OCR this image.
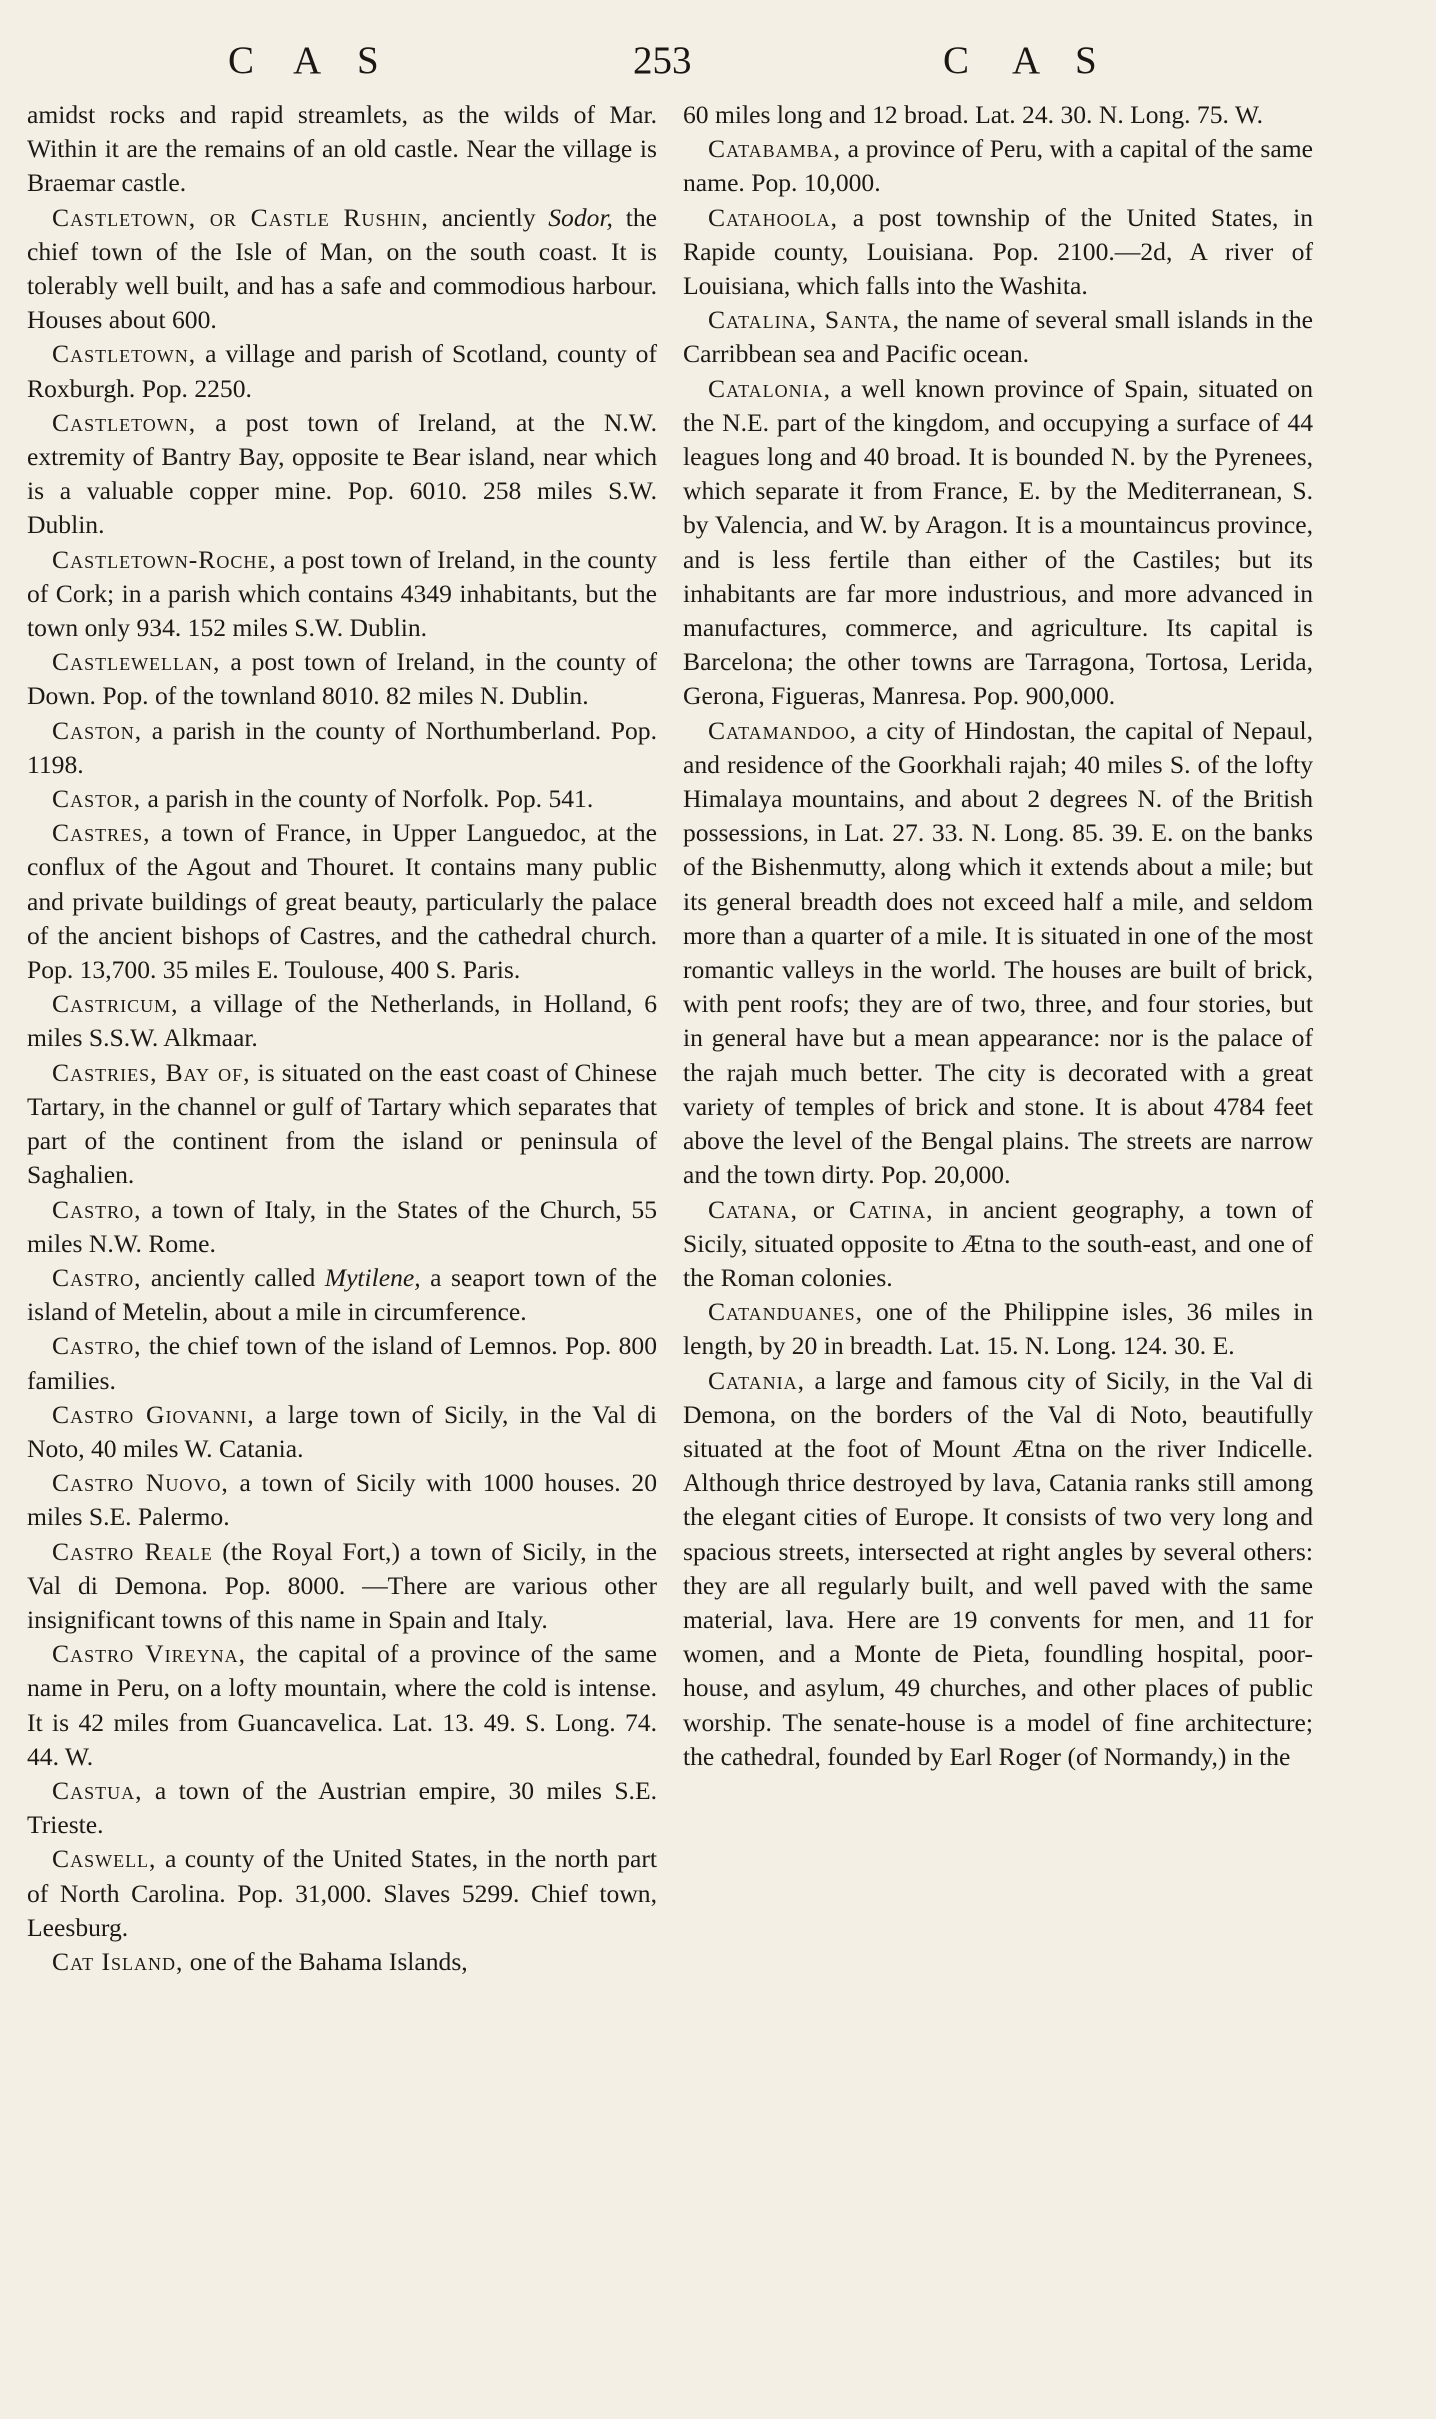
C A S	253	C A S

amidst rocks and rapid streamlets, as the wilds of Mar. Within it are the remains of an old castle. Near the village is Braemar castle.

Castletown, or Castle Rushin, anciently Sodor, the chief town of the Isle of Man, on the south coast. It is tolerably well built, and has a safe and commodious harbour. Houses about 600.

Castletown, a village and parish of Scotland, county of Roxburgh. Pop. 2250.

Castletown, a post town of Ireland, at the N.W. extremity of Bantry Bay, opposite te Bear island, near which is a valuable copper mine. Pop. 6010. 258 miles S.W. Dublin.

Castletown-Roche, a post town of Ireland, in the county of Cork; in a parish which contains 4349 inhabitants, but the town only 934. 152 miles S.W. Dublin.

Castlewellan, a post town of Ireland, in the county of Down. Pop. of the townland 8010. 82 miles N. Dublin.

Caston, a parish in the county of Northumberland. Pop. 1198.

Castor, a parish in the county of Norfolk. Pop. 541.

Castres, a town of France, in Upper Languedoc, at the conflux of the Agout and Thouret. It contains many public and private buildings of great beauty, particularly the palace of the ancient bishops of Castres, and the cathedral church. Pop. 13,700. 35 miles E. Toulouse, 400 S. Paris.

Castricum, a village of the Netherlands, in Holland, 6 miles S.S.W. Alkmaar.

Castries, Bay of, is situated on the east coast of Chinese Tartary, in the channel or gulf of Tartary which separates that part of the continent from the island or peninsula of Saghalien.

Castro, a town of Italy, in the States of the Church, 55 miles N.W. Rome.

Castro, anciently called Mytilene, a seaport town of the island of Metelin, about a mile in circumference.

Castro, the chief town of the island of Lemnos. Pop. 800 families.

Castro Giovanni, a large town of Sicily, in the Val di Noto, 40 miles W. Catania.

Castro Nuovo, a town of Sicily with 1000 houses. 20 miles S.E. Palermo.

Castro Reale (the Royal Fort,) a town of Sicily, in the Val di Demona. Pop. 8000. —There are various other insignificant towns of this name in Spain and Italy.

Castro Vireyna, the capital of a province of the same name in Peru, on a lofty mountain, where the cold is intense. It is 42 miles from Guancavelica. Lat. 13. 49. S. Long. 74. 44. W.

Castua, a town of the Austrian empire, 30 miles S.E. Trieste.

Caswell, a county of the United States, in the north part of North Carolina. Pop. 31,000. Slaves 5299. Chief town, Leesburg.

Cat Island, one of the Bahama Islands,

60 miles long and 12 broad. Lat. 24. 30. N. Long. 75. W.

Catabamba, a province of Peru, with a capital of the same name. Pop. 10,000.

Catahoola, a post township of the United States, in Rapide county, Louisiana. Pop. 2100.—2d, A river of Louisiana, which falls into the Washita.

Catalina, Santa, the name of several small islands in the Carribbean sea and Pacific ocean.

Catalonia, a well known province of Spain, situated on the N.E. part of the kingdom, and occupying a surface of 44 leagues long and 40 broad. It is bounded N. by the Pyrenees, which separate it from France, E. by the Mediterranean, S. by Valencia, and W. by Aragon. It is a mountaincus province, and is less fertile than either of the Castiles; but its inhabitants are far more industrious, and more advanced in manufactures, commerce, and agriculture. Its capital is Barcelona; the other towns are Tarragona, Tortosa, Lerida, Gerona, Figueras, Manresa. Pop. 900,000.

Catamandoo, a city of Hindostan, the capital of Nepaul, and residence of the Goorkhali rajah; 40 miles S. of the lofty Himalaya mountains, and about 2 degrees N. of the British possessions, in Lat. 27. 33. N. Long. 85. 39. E. on the banks of the Bishenmutty, along which it extends about a mile; but its general breadth does not exceed half a mile, and seldom more than a quarter of a mile. It is situated in one of the most romantic valleys in the world. The houses are built of brick, with pent roofs; they are of two, three, and four stories, but in general have but a mean appearance: nor is the palace of the rajah much better. The city is decorated with a great variety of temples of brick and stone. It is about 4784 feet above the level of the Bengal plains. The streets are narrow and the town dirty. Pop. 20,000.

Catana, or Catina, in ancient geography, a town of Sicily, situated opposite to Ætna to the south-east, and one of the Roman colonies.

Catanduanes, one of the Philippine isles, 36 miles in length, by 20 in breadth. Lat. 15. N. Long. 124. 30. E.

Catania, a large and famous city of Sicily, in the Val di Demona, on the borders of the Val di Noto, beautifully situated at the foot of Mount Ætna on the river Indicelle. Although thrice destroyed by lava, Catania ranks still among the elegant cities of Europe. It consists of two very long and spacious streets, intersected at right angles by several others: they are all regularly built, and well paved with the same material, lava. Here are 19 convents for men, and 11 for women, and a Monte de Pieta, foundling hospital, poor-house, and asylum, 49 churches, and other places of public worship. The senate-house is a model of fine architecture; the cathedral, founded by Earl Roger (of Normandy,) in the
